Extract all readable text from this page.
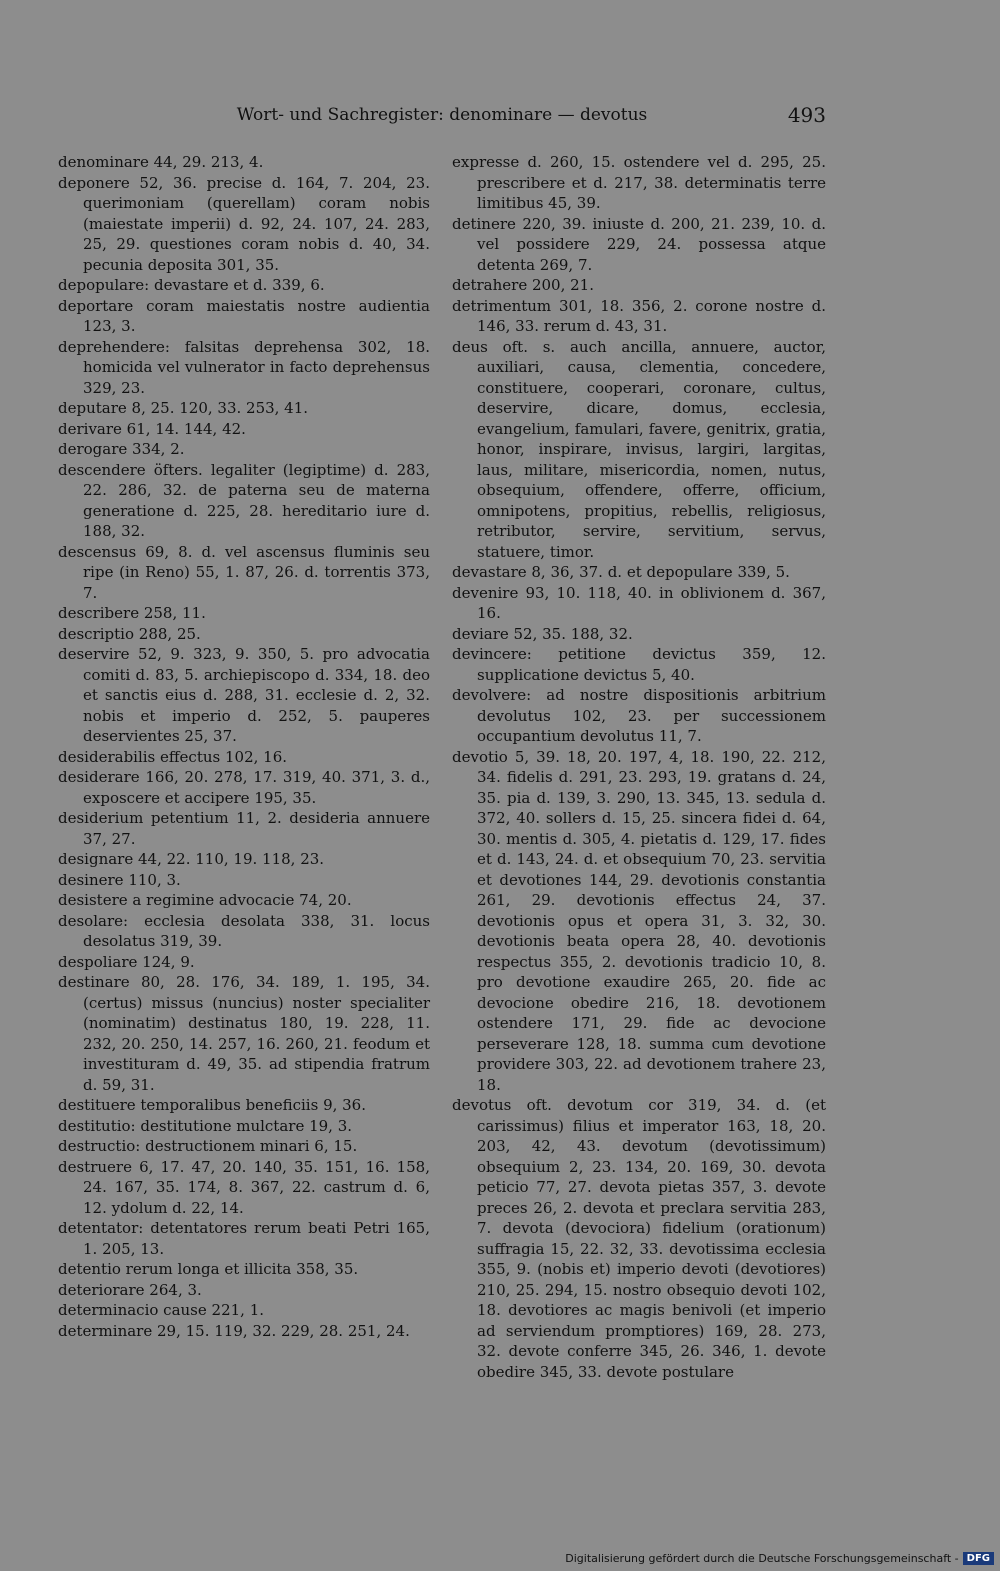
Wort- und Sachregister: denominare — devotus	493

denominare 44, 29. 213, 4.

deponere 52, 36. precise d. 164, 7. 204, 23. querimoniam (querellam) coram nobis (maiestate imperii) d. 92, 24. 107, 24. 283, 25, 29. questiones coram nobis d. 40, 34. pecunia deposita 301, 35.

depopulare: devastare et d. 339, 6.

deportare coram maiestatis nostre audientia 123, 3.

deprehendere: falsitas deprehensa 302, 18. homicida vel vulnerator in facto deprehensus 329, 23.

deputare 8, 25. 120, 33. 253, 41.

derivare 61, 14. 144, 42.

derogare 334, 2.

descendere öfters. legaliter (legiptime) d. 283, 22. 286, 32. de paterna seu de materna generatione d. 225, 28. hereditario iure d. 188, 32.

descensus 69, 8. d. vel ascensus fluminis seu ripe (in Reno) 55, 1. 87, 26. d. torrentis 373, 7.

describere 258, 11.

descriptio 288, 25.

deservire 52, 9. 323, 9. 350, 5. pro advocatia comiti d. 83, 5. archiepiscopo d. 334, 18. deo et sanctis eius d. 288, 31. ecclesie d. 2, 32. nobis et imperio d. 252, 5. pauperes deservientes 25, 37.

desiderabilis effectus 102, 16.

desiderare 166, 20. 278, 17. 319, 40. 371, 3. d., exposcere et accipere 195, 35.

desiderium petentium 11, 2. desideria annuere 37, 27.

designare 44, 22. 110, 19. 118, 23.

desinere 110, 3.

desistere a regimine advocacie 74, 20.

desolare: ecclesia desolata 338, 31. locus desolatus 319, 39.

despoliare 124, 9.

destinare 80, 28. 176, 34. 189, 1. 195, 34. (certus) missus (nuncius) noster specialiter (nominatim) destinatus 180, 19. 228, 11. 232, 20. 250, 14. 257, 16. 260, 21. feodum et investituram d. 49, 35. ad stipendia fratrum d. 59, 31.

destituere temporalibus beneficiis 9, 36.

destitutio: destitutione mulctare 19, 3.

destructio: destructionem minari 6, 15.

destruere 6, 17. 47, 20. 140, 35. 151, 16. 158, 24. 167, 35. 174, 8. 367, 22. castrum d. 6, 12. ydolum d. 22, 14.

detentator: detentatores rerum beati Petri 165, 1. 205, 13.

detentio rerum longa et illicita 358, 35.

deteriorare 264, 3.

determinacio cause 221, 1.

determinare 29, 15. 119, 32. 229, 28. 251, 24.

expresse d. 260, 15. ostendere vel d. 295, 25. prescribere et d. 217, 38. determinatis terre limitibus 45, 39.

detinere 220, 39. iniuste d. 200, 21. 239, 10. d. vel possidere 229, 24. possessa atque detenta 269, 7.

detrahere 200, 21.

detrimentum 301, 18. 356, 2. corone nostre d. 146, 33. rerum d. 43, 31.

deus oft. s. auch ancilla, annuere, auctor, auxiliari, causa, clementia, concedere, constituere, cooperari, coronare, cultus, deservire, dicare, domus, ecclesia, evangelium, famulari, favere, genitrix, gratia, honor, inspirare, invisus, largiri, largitas, laus, militare, misericordia, nomen, nutus, obsequium, offendere, offerre, officium, omnipotens, propitius, rebellis, religiosus, retributor, servire, servitium, servus, statuere, timor.

devastare 8, 36, 37. d. et depopulare 339, 5.

devenire 93, 10. 118, 40. in oblivionem d. 367, 16.

deviare 52, 35. 188, 32.

devincere: petitione devictus 359, 12. supplicatione devictus 5, 40.

devolvere: ad nostre dispositionis arbitrium devolutus 102, 23. per successionem occupantium devolutus 11, 7.

devotio 5, 39. 18, 20. 197, 4, 18. 190, 22. 212, 34. fidelis d. 291, 23. 293, 19. gratans d. 24, 35. pia d. 139, 3. 290, 13. 345, 13. sedula d. 372, 40. sollers d. 15, 25. sincera fidei d. 64, 30. mentis d. 305, 4. pietatis d. 129, 17. fides et d. 143, 24. d. et obsequium 70, 23. servitia et devotiones 144, 29. devotionis constantia 261, 29. devotionis effectus 24, 37. devotionis opus et opera 31, 3. 32, 30. devotionis beata opera 28, 40. devotionis respectus 355, 2. devotionis tradicio 10, 8. pro devotione exaudire 265, 20. fide ac devocione obedire 216, 18. devotionem ostendere 171, 29. fide ac devocione perseverare 128, 18. summa cum devotione providere 303, 22. ad devotionem trahere 23, 18.

devotus oft. devotum cor 319, 34. d. (et carissimus) filius et imperator 163, 18, 20. 203, 42, 43. devotum (devotissimum) obsequium 2, 23. 134, 20. 169, 30. devota peticio 77, 27. devota pietas 357, 3. devote preces 26, 2. devota et preclara servitia 283, 7. devota (devociora) fidelium (orationum) suffragia 15, 22. 32, 33. devotissima ecclesia 355, 9. (nobis et) imperio devoti (devotiores) 210, 25. 294, 15. nostro obsequio devoti 102, 18. devotiores ac magis benivoli (et imperio ad serviendum promptiores) 169, 28. 273, 32. devote conferre 345, 26. 346, 1. devote obedire 345, 33. devote postulare

Digitalisierung gefördert durch die Deutsche Forschungsgemeinschaft - DFG
